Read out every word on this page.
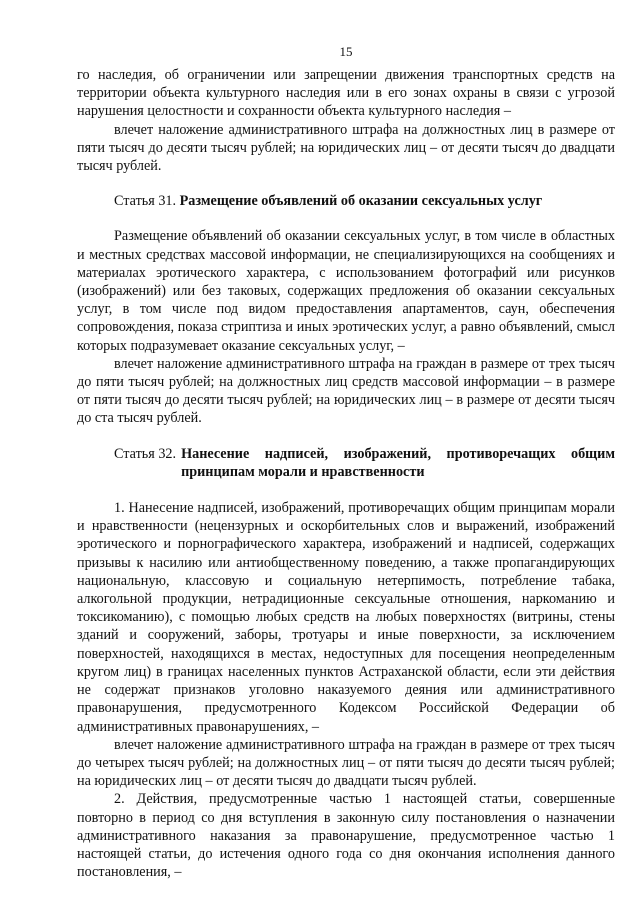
15

го наследия, об ограничении или запрещении движения транспортных средств на территории объекта культурного наследия или в его зонах охраны в связи с угрозой нарушения целостности и сохранности объекта культурного наследия –

влечет наложение административного штрафа на должностных лиц в размере от пяти тысяч до десяти тысяч рублей; на юридических лиц – от десяти тысяч до двадцати тысяч рублей.

Статья 31. Размещение объявлений об оказании сексуальных услуг

Размещение объявлений об оказании сексуальных услуг, в том числе в областных и местных средствах массовой информации, не специализирующихся на сообщениях и материалах эротического характера, с использованием фотографий или рисунков (изображений) или без таковых, содержащих предложения об оказании сексуальных услуг, в том числе под видом предоставления апартаментов, саун, обеспечения сопровождения, показа стриптиза и иных эротических услуг, а равно объявлений, смысл которых подразумевает оказание сексуальных услуг, –

влечет наложение административного штрафа на граждан в размере от трех тысяч до пяти тысяч рублей; на должностных лиц средств массовой информации – в размере от пяти тысяч до десяти тысяч рублей; на юридических лиц – в размере от десяти тысяч до ста тысяч рублей.

Статья 32. Нанесение надписей, изображений, противоречащих общим принципам морали и нравственности

1. Нанесение надписей, изображений, противоречащих общим принципам морали и нравственности (нецензурных и оскорбительных слов и выражений, изображений эротического и порнографического характера, изображений и надписей, содержащих призывы к насилию или антиобщественному поведению, а также пропагандирующих национальную, классовую и социальную нетерпимость, потребление табака, алкогольной продукции, нетрадиционные сексуальные отношения, наркоманию и токсикоманию), с помощью любых средств на любых поверхностях (витрины, стены зданий и сооружений, заборы, тротуары и иные поверхности, за исключением поверхностей, находящихся в местах, недоступных для посещения неопределенным кругом лиц) в границах населенных пунктов Астраханской области, если эти действия не содержат признаков уголовно наказуемого деяния или административного правонарушения, предусмотренного Кодексом Российской Федерации об административных правонарушениях, –

влечет наложение административного штрафа на граждан в размере от трех тысяч до четырех тысяч рублей; на должностных лиц – от пяти тысяч до десяти тысяч рублей; на юридических лиц – от десяти тысяч до двадцати тысяч рублей.

2. Действия, предусмотренные частью 1 настоящей статьи, совершенные повторно в период со дня вступления в законную силу постановления о назначении административного наказания за правонарушение, предусмотренное частью 1 настоящей статьи, до истечения одного года со дня окончания исполнения данного постановления, –
